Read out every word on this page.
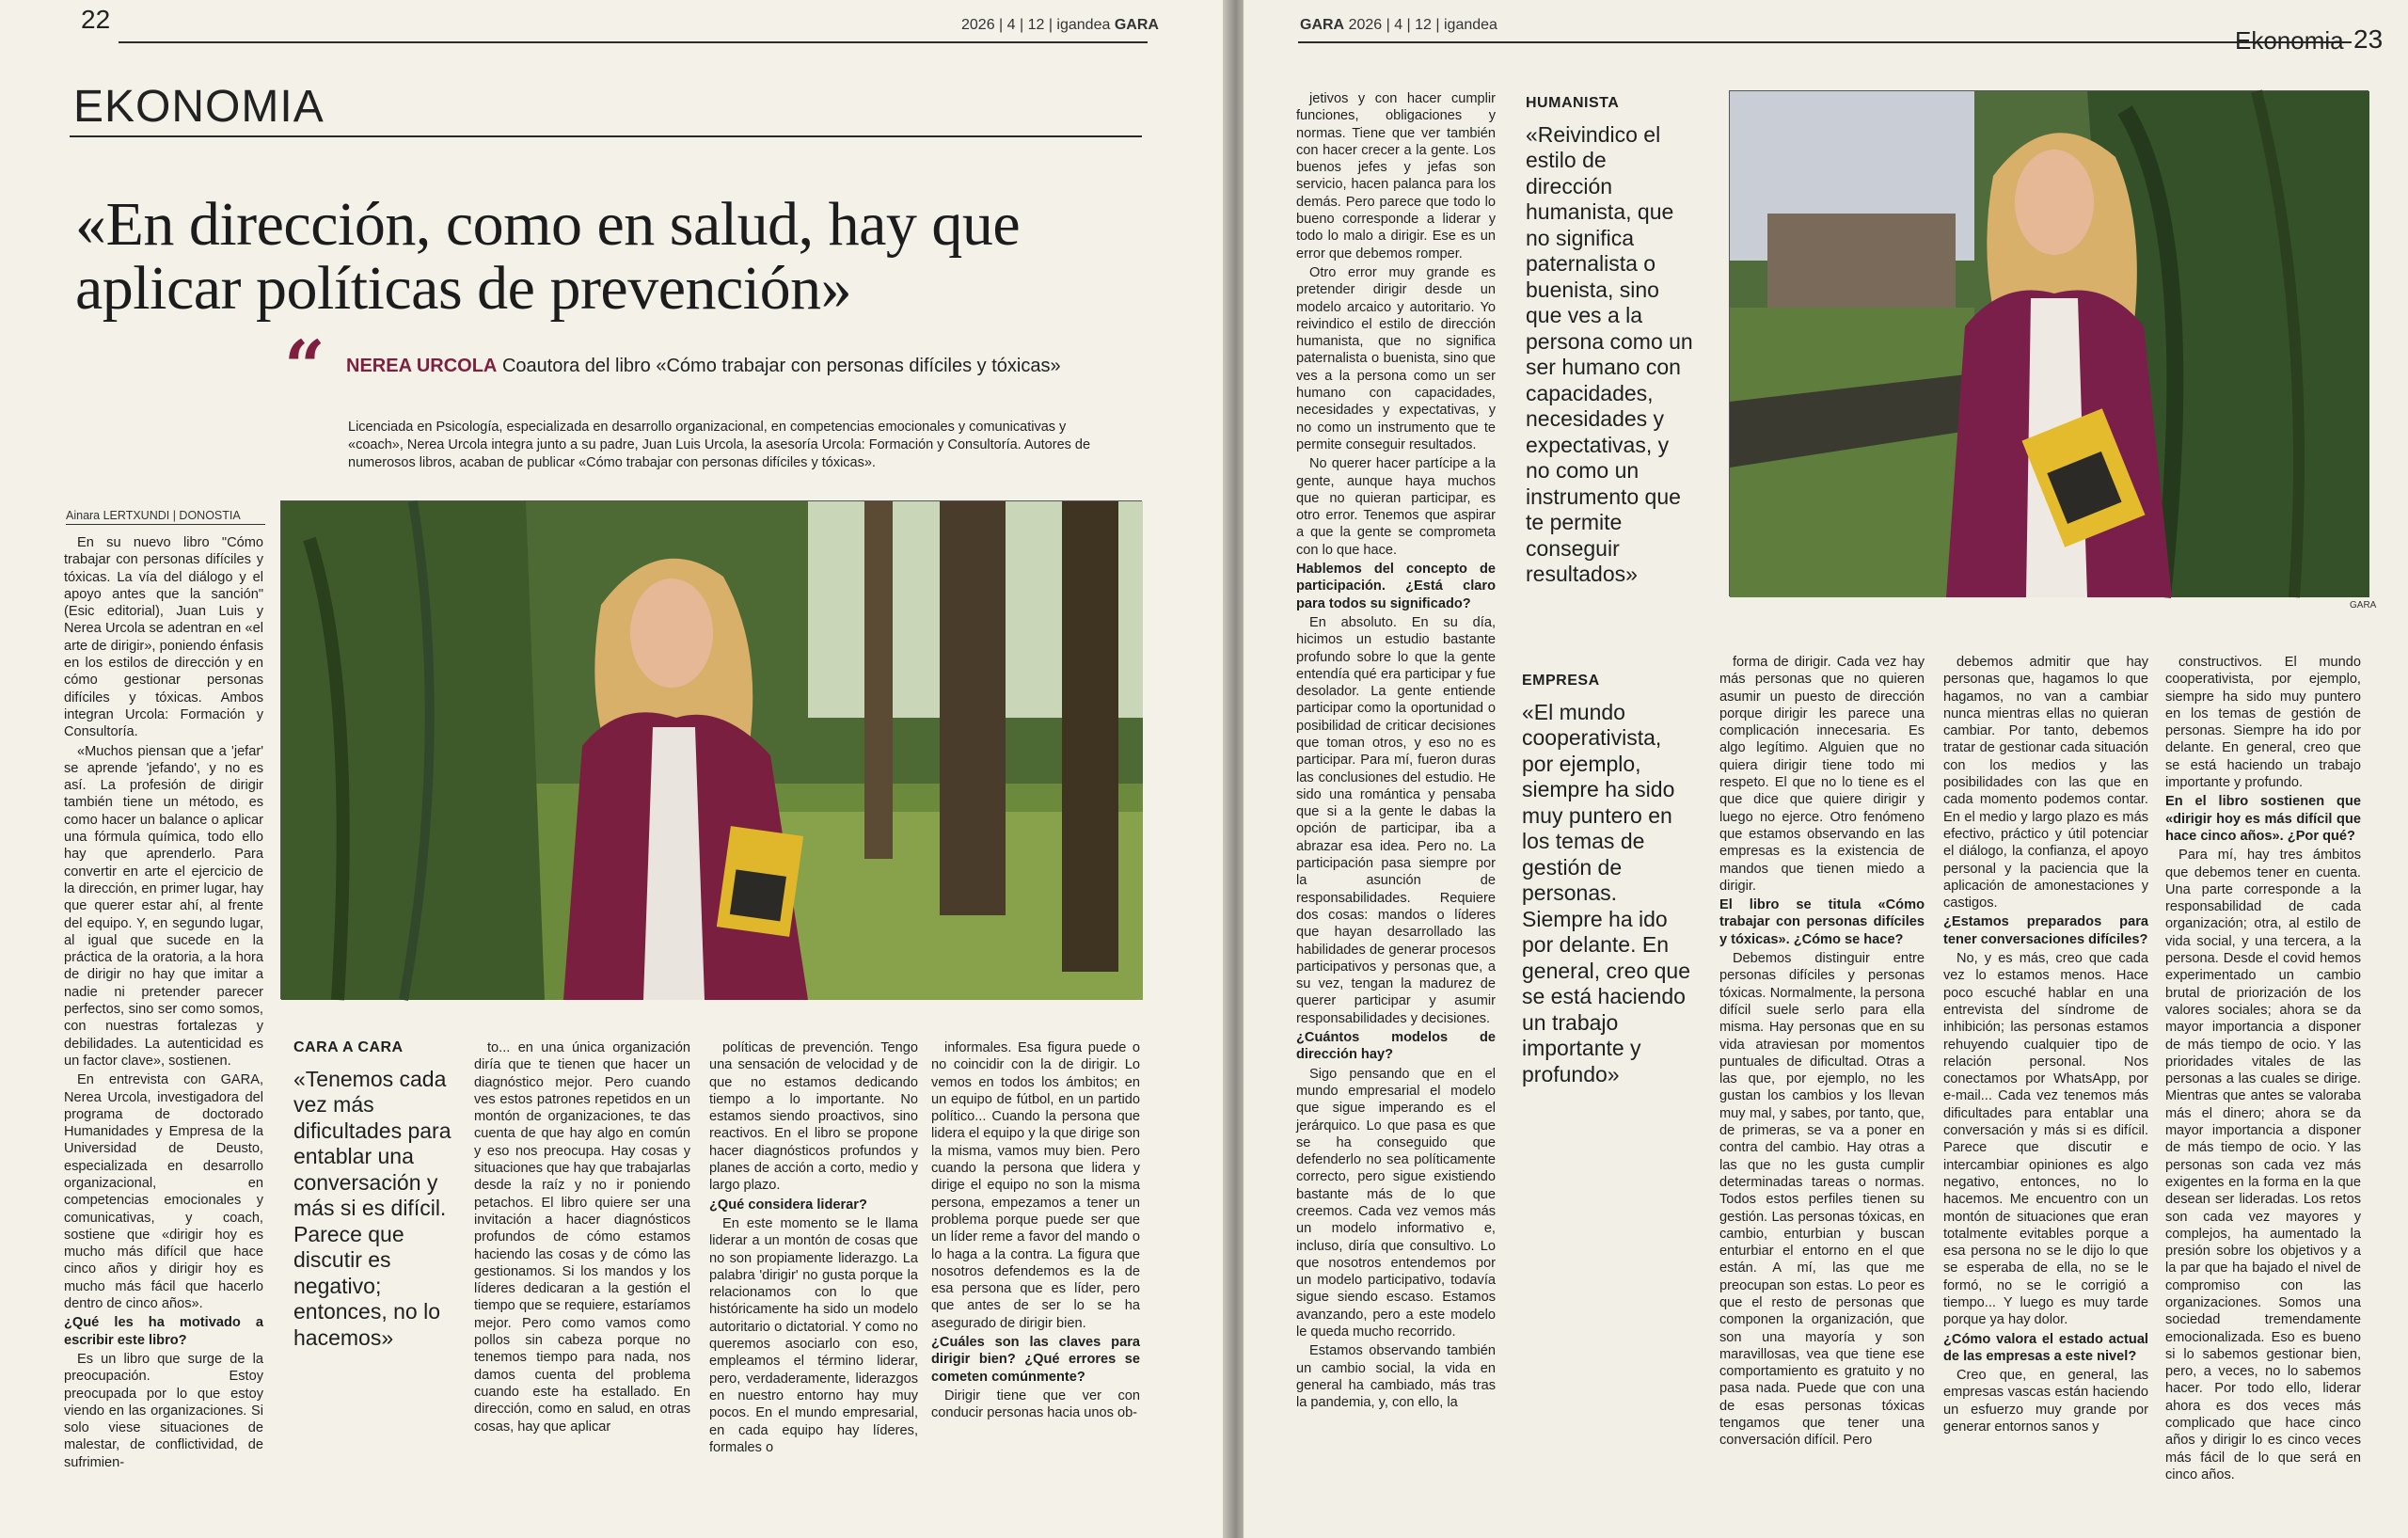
22	2026 | 4 | 12 | igandea GARA
EKONOMIA
«En dirección, como en salud, hay que
aplicar políticas de prevención»
“ NEREA URCOLA Coautora del libro «Cómo trabajar con personas difíciles y tóxicas»
Licenciada en Psicología, especializada en desarrollo organizacional, en competencias emocionales y comunicativas y
«coach», Nerea Urcola integra junto a su padre, Juan Luis Urcola, la asesoría Urcola: Formación y Consultoría. Autores de
numerosos libros, acaban de publicar «Cómo trabajar con personas difíciles y tóxicas».
Ainara LERTXUNDI | DONOSTIA

En su nuevo libro "Cómo trabajar con personas difíciles y tóxicas. La vía del diálogo y el apoyo antes que la sanción" (Esic editorial), Juan Luis y Nerea Urcola se adentran en «el arte de dirigir», poniendo énfasis en los estilos de dirección y en cómo gestionar personas difíciles y tóxicas. Ambos integran Urcola: Formación y Consultoría.

«Muchos piensan que a 'jefar' se aprende 'jefando', y no es así. La profesión de dirigir también tiene un método, es como hacer un balance o aplicar una fórmula química, todo ello hay que aprenderlo. Para convertir en arte el ejercicio de la dirección, en primer lugar, hay que querer estar ahí, al frente del equipo. Y, en segundo lugar, al igual que sucede en la práctica de la oratoria, a la hora de dirigir no hay que imitar a nadie ni pretender parecer perfectos, sino ser como somos, con nuestras fortalezas y debilidades. La autenticidad es un factor clave», sostienen.

En entrevista con GARA, Nerea Urcola, investigadora del programa de doctorado Humanidades y Empresa de la Universidad de Deusto, especializada en desarrollo organizacional, en competencias emocionales y comunicativas, y coach, sostiene que «dirigir hoy es mucho más difícil que hace cinco años y dirigir hoy es mucho más fácil que hacerlo dentro de cinco años».

¿Qué les ha motivado a escribir este libro?

Es un libro que surge de la preocupación. Estoy preocupada por lo que estoy viendo en las organizaciones. Si solo viese situaciones de malestar, de conflictividad, de sufrimien-

CARA A CARA
«Tenemos cada vez más dificultades para entablar una conversación y más si es difícil. Parece que discutir es negativo; entonces, no lo hacemos»

to... en una única organización diría que te tienen que hacer un diagnóstico mejor. Pero cuando ves estos patrones repetidos en un montón de organizaciones, te das cuenta de que hay algo en común y eso nos preocupa. Hay cosas y situaciones que hay que trabajarlas desde la raíz y no ir poniendo petachos. El libro quiere ser una invitación a hacer diagnósticos profundos de cómo estamos haciendo las cosas y de cómo las gestionamos. Si los mandos y los líderes dedicaran a la gestión el tiempo que se requiere, estaríamos mejor. Pero como vamos como pollos sin cabeza porque no tenemos tiempo para nada, nos damos cuenta del problema cuando este ha estallado. En dirección, como en salud, en otras cosas, hay que aplicar

políticas de prevención. Tengo una sensación de velocidad y de que no estamos dedicando tiempo a lo importante. No estamos siendo proactivos, sino reactivos. En el libro se propone hacer diagnósticos profundos y planes de acción a corto, medio y largo plazo.

¿Qué considera liderar?

En este momento se le llama liderar a un montón de cosas que no son propiamente liderazgo. La palabra 'dirigir' no gusta porque la relacionamos con lo que históricamente ha sido un modelo autoritario o dictatorial. Y como no queremos asociarlo con eso, empleamos el término liderar, pero, verdaderamente, liderazgos en nuestro entorno hay muy pocos. En el mundo empresarial, en cada equipo hay líderes, formales o

informales. Esa figura puede o no coincidir con la de dirigir. Lo vemos en todos los ámbitos; en un equipo de fútbol, en un partido político... Cuando la persona que lidera el equipo y la que dirige son la misma, vamos muy bien. Pero cuando la persona que lidera y dirige el equipo no son la misma persona, empezamos a tener un problema porque puede ser que un líder reme a favor del mando o lo haga a la contra. La figura que nosotros defendemos es la de esa persona que es líder, pero que antes de ser lo se ha asegurado de dirigir bien.

¿Cuáles son las claves para dirigir bien? ¿Qué errores se cometen comúnmente?

Dirigir tiene que ver con conducir personas hacia unos ob-

GARA 2026 | 4 | 12 | igandea
Ekonomia 23

jetivos y con hacer cumplir funciones, obligaciones y normas. Tiene que ver también con hacer crecer a la gente. Los buenos jefes y jefas son servicio, hacen palanca para los demás. Pero parece que todo lo bueno corresponde a liderar y todo lo malo a dirigir. Ese es un error que debemos romper.

Otro error muy grande es pretender dirigir desde un modelo arcaico y autoritario. Yo reivindico el estilo de dirección humanista, que no significa paternalista o buenista, sino que ves a la persona como un ser humano con capacidades, necesidades y expectativas, y no como un instrumento que te permite conseguir resultados.

No querer hacer partícipe a la gente, aunque haya muchos que no quieran participar, es otro error. Tenemos que aspirar a que la gente se comprometa con lo que hace.

Hablemos del concepto de participación. ¿Está claro para todos su significado?

En absoluto. En su día, hicimos un estudio bastante profundo sobre lo que la gente entendía qué era participar y fue desolador. La gente entiende participar como la oportunidad o posibilidad de criticar decisiones que toman otros, y eso no es participar. Para mí, fueron duras las conclusiones del estudio. He sido una romántica y pensaba que si a la gente le dabas la opción de participar, iba a abrazar esa idea. Pero no. La participación pasa siempre por la asunción de responsabilidades. Requiere dos cosas: mandos o líderes que hayan desarrollado las habilidades de generar procesos participativos y personas que, a su vez, tengan la madurez de querer participar y asumir responsabilidades y decisiones.

¿Cuántos modelos de dirección hay?

Sigo pensando que en el mundo empresarial el modelo que sigue imperando es el jerárquico. Lo que pasa es que se ha conseguido que defenderlo no sea políticamente correcto, pero sigue existiendo bastante más de lo que creemos. Cada vez vemos más un modelo informativo e, incluso, diría que consultivo. Lo que nosotros entendemos por un modelo participativo, todavía sigue siendo escaso. Estamos avanzando, pero a este modelo le queda mucho recorrido.

Estamos observando también un cambio social, la vida en general ha cambiado, más tras la pandemia, y, con ello, la

HUMANISTA
«Reivindico el estilo de dirección humanista, que no significa paternalista o buenista, sino que ves a la persona como un ser humano con capacidades, necesidades y expectativas, y no como un instrumento que te permite conseguir resultados»
EMPRESA
«El mundo cooperativista, por ejemplo, siempre ha sido muy puntero en los temas de gestión de personas. Siempre ha ido por delante. En general, creo que se está haciendo un trabajo importante y profundo»
GARA

forma de dirigir. Cada vez hay más personas que no quieren asumir un puesto de dirección porque dirigir les parece una complicación innecesaria. Es algo legítimo. Alguien que no quiera dirigir tiene todo mi respeto. El que no lo tiene es el que dice que quiere dirigir y luego no ejerce. Otro fenómeno que estamos observando en las empresas es la existencia de mandos que tienen miedo a dirigir.

El libro se titula «Cómo trabajar con personas difíciles y tóxicas». ¿Cómo se hace?

Debemos distinguir entre personas difíciles y personas tóxicas. Normalmente, la persona difícil suele serlo para ella misma. Hay personas que en su vida atraviesan por momentos puntuales de dificultad. Otras a las que, por ejemplo, no les gustan los cambios y los llevan muy mal, y sabes, por tanto, que, de primeras, se va a poner en contra del cambio. Hay otras a las que no les gusta cumplir determinadas tareas o normas. Todos estos perfiles tienen su gestión. Las personas tóxicas, en cambio, enturbian y buscan enturbiar el entorno en el que están. A mí, las que me preocupan son estas. Lo peor es que el resto de personas que componen la organización, que son una mayoría y son maravillosas, vea que tiene ese comportamiento es gratuito y no pasa nada. Puede que con una de esas personas tóxicas tengamos que tener una conversación difícil. Pero

debemos admitir que hay personas que, hagamos lo que hagamos, no van a cambiar nunca mientras ellas no quieran cambiar. Por tanto, debemos tratar de gestionar cada situación con los medios y las posibilidades con las que en cada momento podemos contar. En el medio y largo plazo es más efectivo, práctico y útil potenciar el diálogo, la confianza, el apoyo personal y la paciencia que la aplicación de amonestaciones y castigos.

¿Estamos preparados para tener conversaciones difíciles?

No, y es más, creo que cada vez lo estamos menos. Hace poco escuché hablar en una entrevista del síndrome de inhibición; las personas estamos rehuyendo cualquier tipo de relación personal. Nos conectamos por WhatsApp, por e-mail... Cada vez tenemos más dificultades para entablar una conversación y más si es difícil. Parece que discutir e intercambiar opiniones es algo negativo, entonces, no lo hacemos. Me encuentro con un montón de situaciones que eran totalmente evitables porque a esa persona no se le dijo lo que se esperaba de ella, no se le formó, no se le corrigió a tiempo... Y luego es muy tarde porque ya hay dolor.

¿Cómo valora el estado actual de las empresas a este nivel?

Creo que, en general, las empresas vascas están haciendo un esfuerzo muy grande por generar entornos sanos y

constructivos. El mundo cooperativista, por ejemplo, siempre ha sido muy puntero en los temas de gestión de personas. Siempre ha ido por delante. En general, creo que se está haciendo un trabajo importante y profundo.

En el libro sostienen que «dirigir hoy es más difícil que hace cinco años». ¿Por qué?

Para mí, hay tres ámbitos que debemos tener en cuenta. Una parte corresponde a la responsabilidad de cada organización; otra, al estilo de vida social, y una tercera, a la persona. Desde el covid hemos experimentado un cambio brutal de priorización de los valores sociales; ahora se da mayor importancia a disponer de más tiempo de ocio. Y las prioridades vitales de las personas a las cuales se dirige. Mientras que antes se valoraba más el dinero; ahora se da mayor importancia a disponer de más tiempo de ocio. Y las personas son cada vez más exigentes en la forma en la que desean ser lideradas. Los retos son cada vez mayores y complejos, ha aumentado la presión sobre los objetivos y a la par que ha bajado el nivel de compromiso con las organizaciones. Somos una sociedad tremendamente emocionalizada. Eso es bueno si lo sabemos gestionar bien, pero, a veces, no lo sabemos hacer. Por todo ello, liderar ahora es dos veces más complicado que hace cinco años y dirigir lo es cinco veces más fácil de lo que será en cinco años.
